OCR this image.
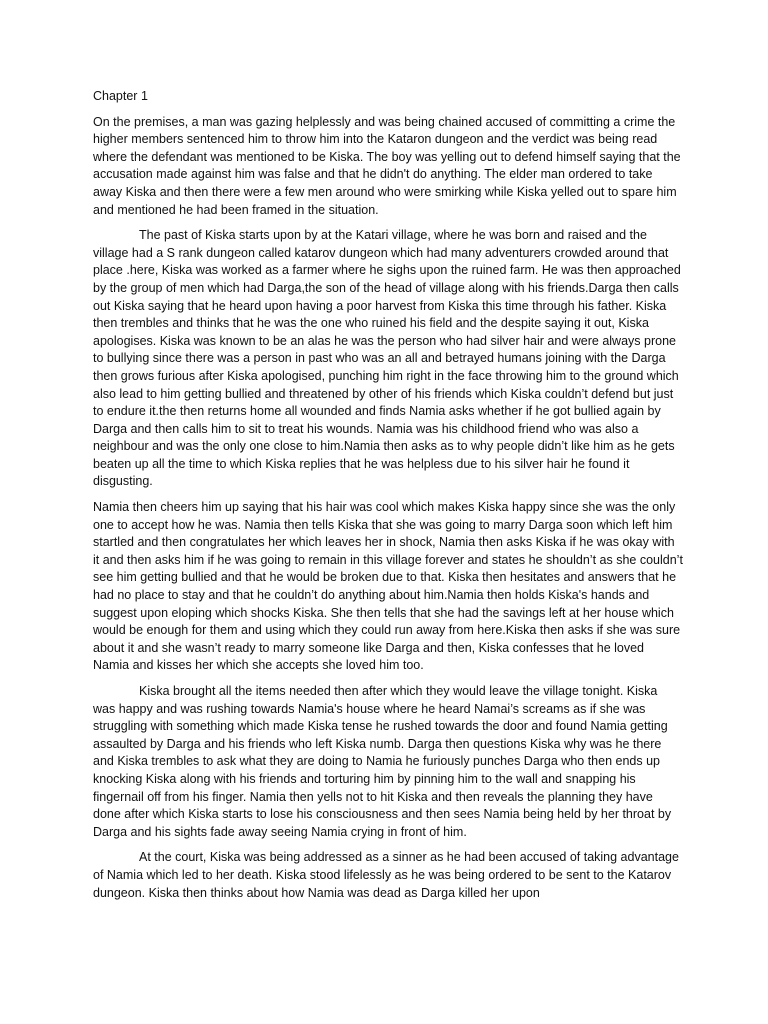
Chapter 1

On the premises, a man was gazing helplessly and was being chained accused of committing a crime the higher members sentenced him to throw him into the Kataron dungeon and the verdict was being read where the defendant was mentioned to be Kiska. The boy was yelling out to defend himself saying that the accusation made against him was false and that he didn't do anything. The elder man ordered to take away Kiska and then there were a few men around who were smirking while Kiska yelled out to spare him and mentioned he had been framed in the situation.

The past of Kiska starts upon by at the Katari village, where he was born and raised and the village had a S rank dungeon called katarov dungeon which had many adventurers crowded around that place .here, Kiska was worked as a farmer where he sighs upon the ruined farm. He was then approached by the group of men which had Darga,the son of the head of village along with his friends.Darga then calls out Kiska saying that he heard upon having a poor harvest from Kiska this time through his father. Kiska then trembles and thinks that he was the one who ruined his field and the despite saying it out, Kiska apologises. Kiska was known to be an alas he was the person who had silver hair and were always prone to bullying since there was a person in past who was an all and betrayed humans joining with the Darga then grows furious after Kiska apologised, punching him right in the face throwing him to the ground which also lead to him getting bullied and threatened by other of his friends which Kiska couldn’t defend but just to endure it.the then returns home all wounded and finds Namia asks whether if he got bullied again by Darga and then calls him to sit to treat his wounds. Namia was his childhood friend who was also a neighbour and was the only one close to him.Namia then asks as to why people didn’t like him as he gets beaten up all the time to which Kiska replies that he was helpless due to his silver hair he found it disgusting.

Namia then cheers him up saying that his hair was cool which makes Kiska happy since she was the only one to accept how he was. Namia then tells Kiska that she was going to marry Darga soon which left him startled and then congratulates her which leaves her in shock, Namia then asks Kiska if he was okay with it and then asks him if he was going to remain in this village forever and states he shouldn’t as she couldn’t see him getting bullied and that he would be broken due to that. Kiska then hesitates and answers that he had no place to stay and that he couldn’t do anything about him.Namia then holds Kiska's hands and suggest upon eloping which shocks Kiska. She then tells that she had the savings left at her house which would be enough for them and using which they could run away from here.Kiska then asks if she was sure about it and she wasn’t ready to marry someone like Darga and then, Kiska confesses that he loved Namia and kisses her which she accepts she loved him too.

Kiska brought all the items needed then after which they would leave the village tonight. Kiska was happy and was rushing towards Namia's house where he heard Namai’s screams as if she was struggling with something which made Kiska tense he rushed towards the door and found Namia getting assaulted by Darga and his friends who left Kiska numb. Darga then questions Kiska why was he there and Kiska trembles to ask what they are doing to Namia he furiously punches Darga who then ends up knocking Kiska along with his friends and torturing him by pinning him to the wall and snapping his fingernail off from his finger. Namia then yells not to hit Kiska and then reveals the planning they have done after which Kiska starts to lose his consciousness and then sees Namia being held by her throat by Darga and his sights fade away seeing Namia crying in front of him.

At the court, Kiska was being addressed as a sinner as he had been accused of taking advantage of Namia which led to her death. Kiska stood lifelessly as he was being ordered to be sent to the Katarov dungeon. Kiska then thinks about how Namia was dead as Darga killed her upon
